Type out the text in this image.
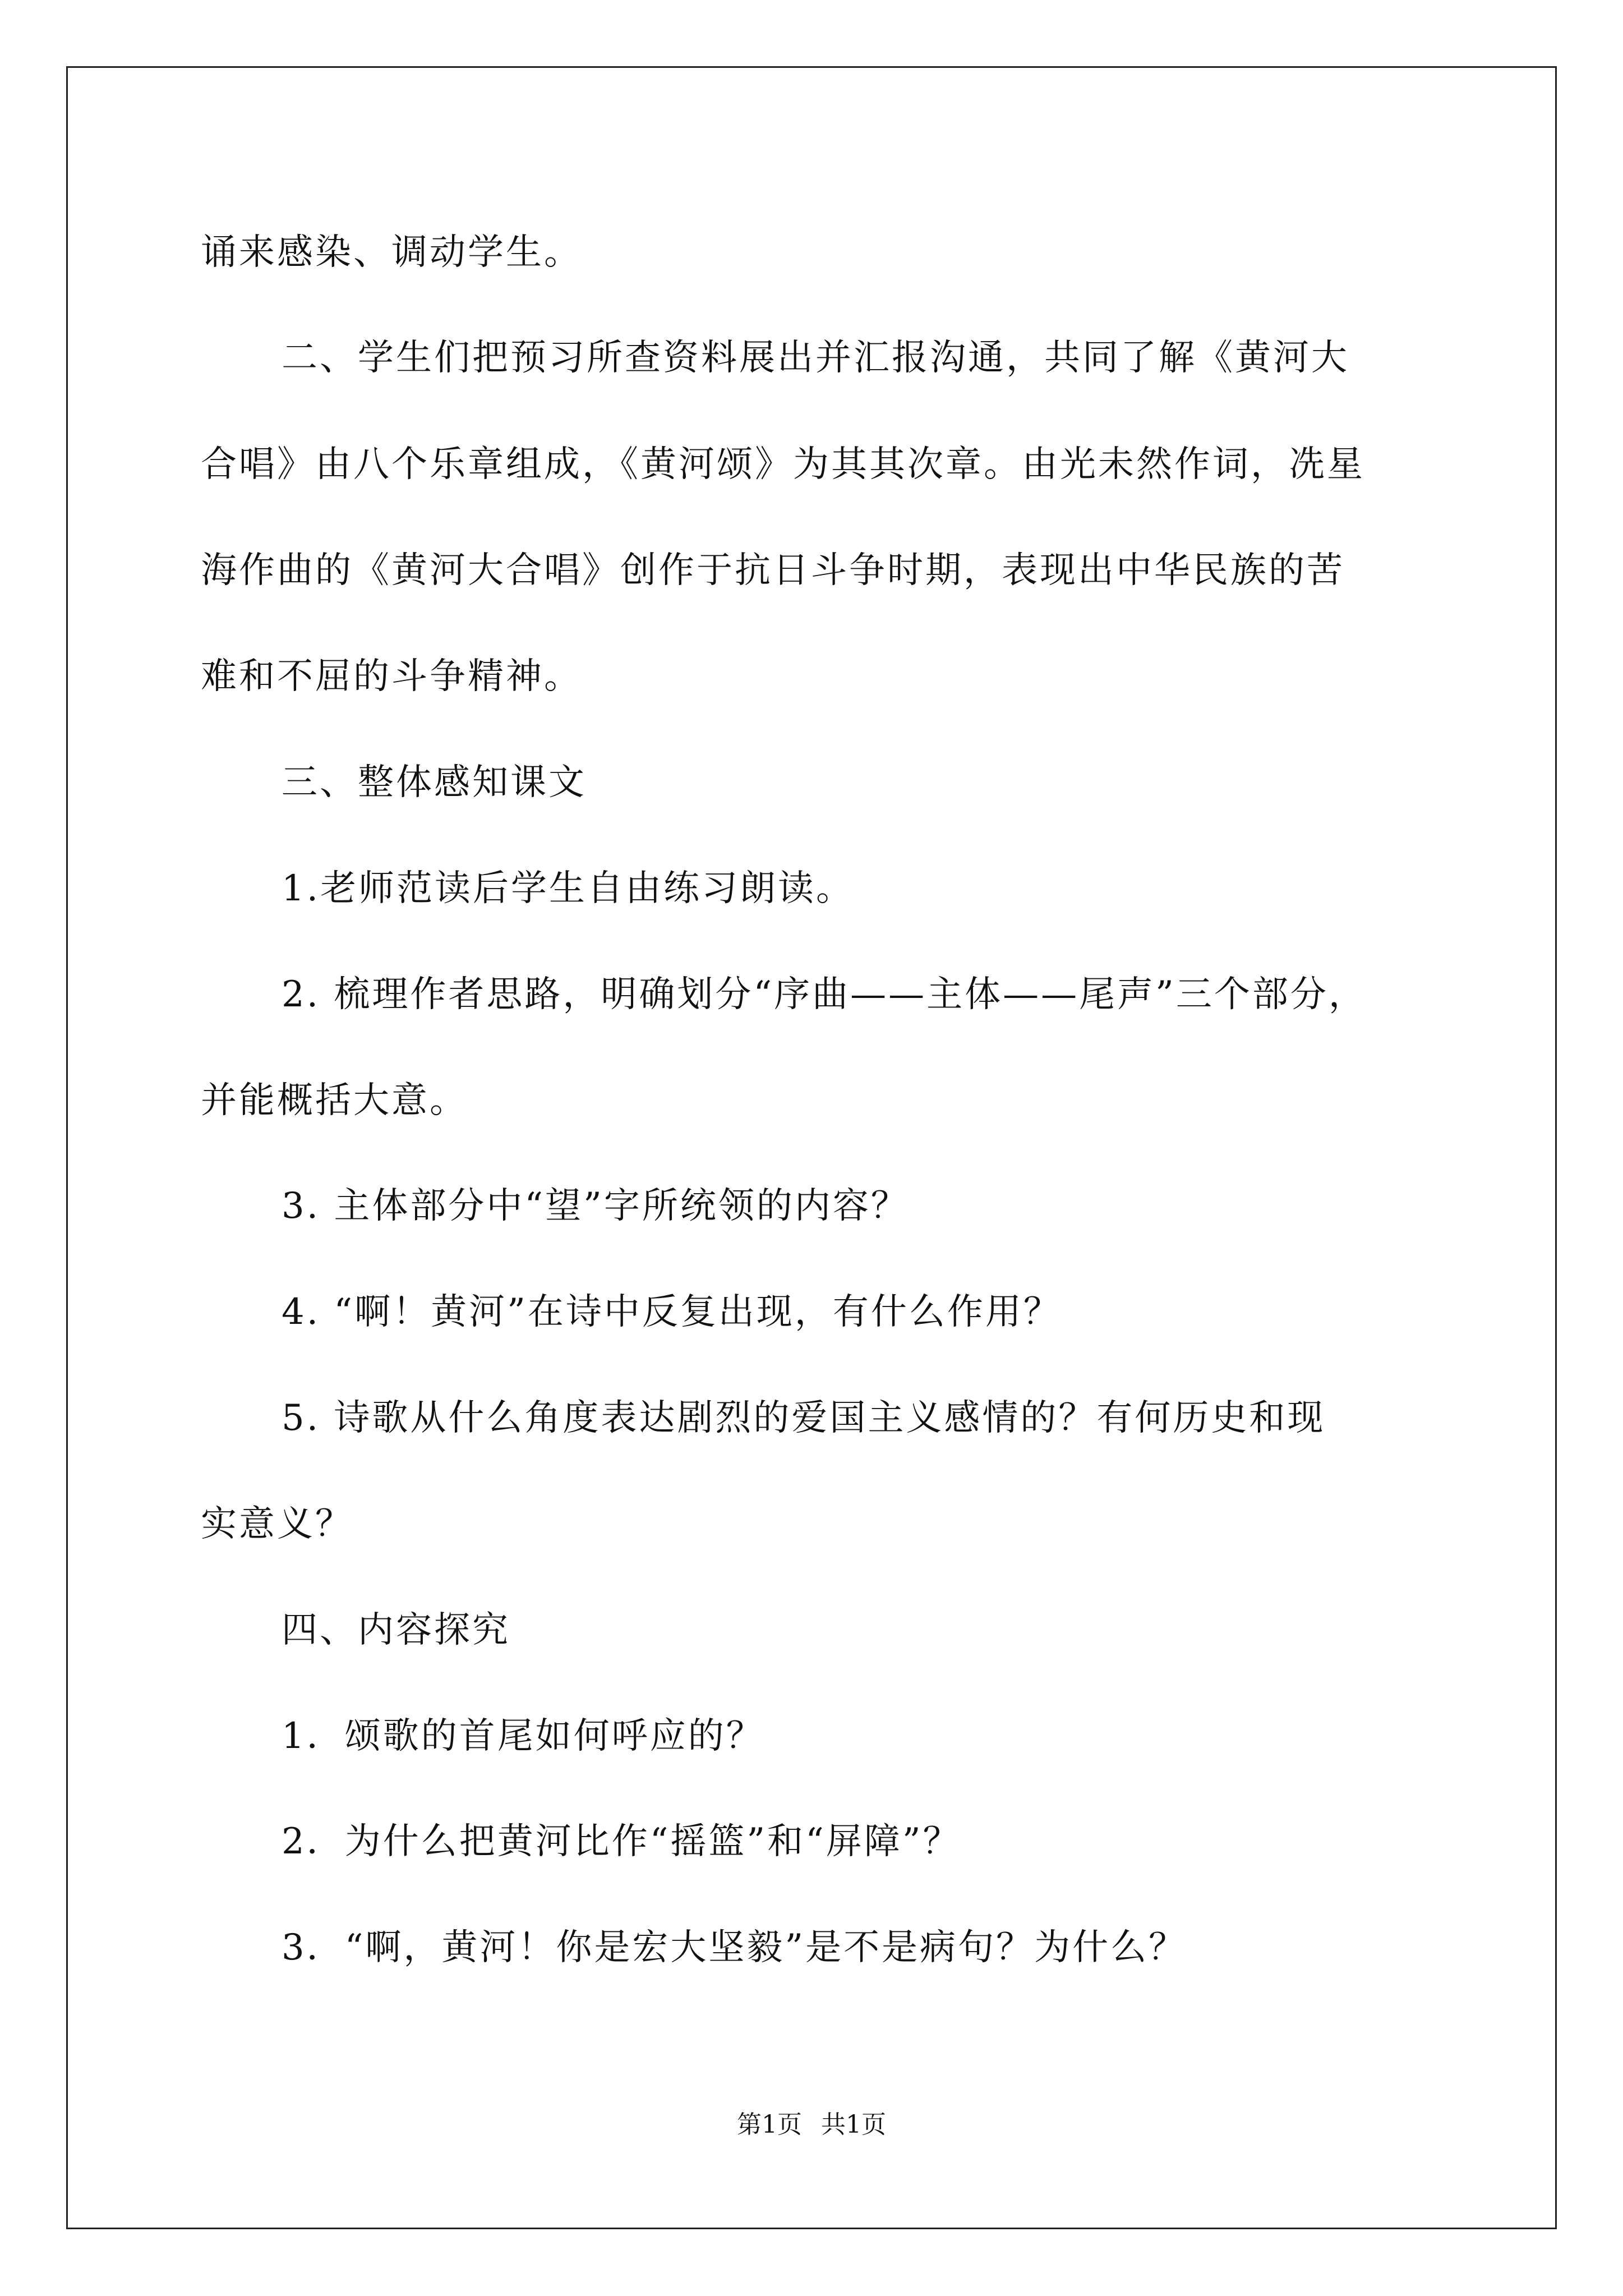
诵来感染、调动学生。
二、学生们把预习所查资料展出并汇报沟通，共同了解《黄河大
合唱》由八个乐章组成，《黄河颂》为其其次章。由光未然作词，冼星
海作曲的《黄河大合唱》创作于抗日斗争时期，表现出中华民族的苦
难和不屈的斗争精神。
三、整体感知课文
1.老师范读后学生自由练习朗读。
2. 梳理作者思路，明确划分“序曲——主体——尾声”三个部分，
并能概括大意。
3. 主体部分中“望”字所统领的内容？
4. “啊！黄河”在诗中反复出现，有什么作用？
5. 诗歌从什么角度表达剧烈的爱国主义感情的？有何历史和现
实意义？
四、内容探究
1．颂歌的首尾如何呼应的？
2．为什么把黄河比作“摇篮”和“屏障”？
3．“啊，黄河！你是宏大坚毅”是不是病句？为什么？
第1页 共1页
